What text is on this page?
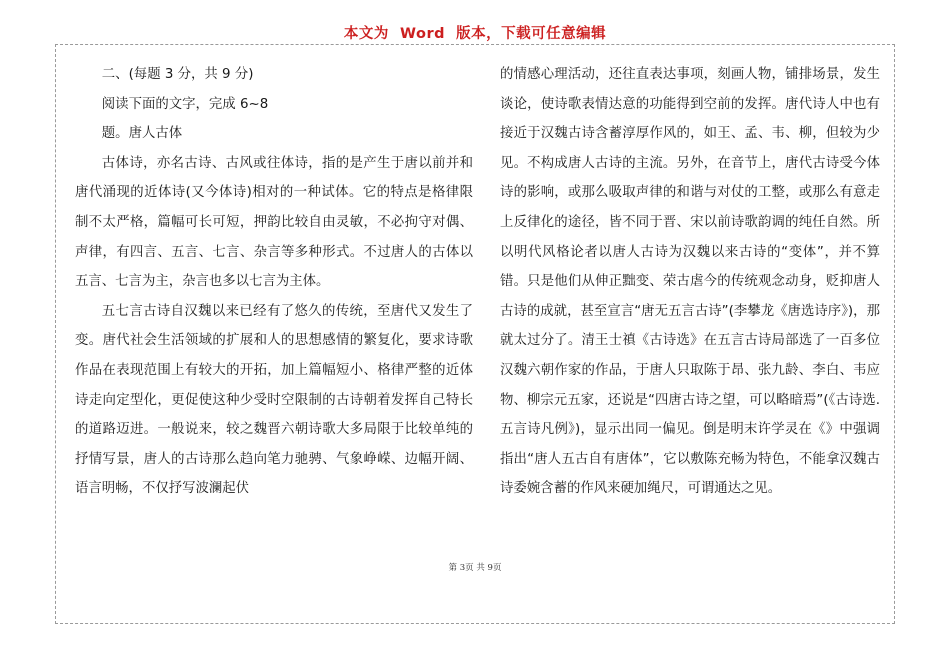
本文为  Word  版本，下载可任意编辑

二、(每题 3 分，共 9 分)

阅读下面的文字，完成 6~8

题。唐人古体

古体诗，亦名古诗、古风或往体诗，指的是产生于唐以前并和唐代涌现的近体诗(又今体诗)相对的一种试体。它的特点是格律限制不太严格，篇幅可长可短，押韵比较自由灵敏，不必拘守对偶、声律，有四言、五言、七言、杂言等多种形式。不过唐人的古体以五言、七言为主，杂言也多以七言为主体。

五七言古诗自汉魏以来已经有了悠久的传统，至唐代又发生了变。唐代社会生活领域的扩展和人的思想感情的繁复化，要求诗歌作品在表现范围上有较大的开拓，加上篇幅短小、格律严整的近体诗走向定型化，更促使这种少受时空限制的古诗朝着发挥自己特长的道路迈进。一般说来，较之魏晋六朝诗歌大多局限于比较单纯的抒情写景，唐人的古诗那么趋向笔力驰骋、气象峥嵘、边幅开阔、语言明畅，不仅抒写波澜起伏

的情感心理活动，还往直表达事项，刻画人物，铺排场景，发生谈论，使诗歌表情达意的功能得到空前的发挥。唐代诗人中也有接近于汉魏古诗含蓄淳厚作风的，如王、孟、韦、柳，但较为少见。不构成唐人古诗的主流。另外，在音节上，唐代古诗受今体诗的影响，或那么吸取声律的和谐与对仗的工整，或那么有意走上反律化的途径，皆不同于晋、宋以前诗歌韵调的纯任自然。所以明代风格论者以唐人古诗为汉魏以来古诗的“变体”，并不算错。只是他们从伸正黜变、荣古虐今的传统观念动身，贬抑唐人古诗的成就，甚至宣言“唐无五言古诗”(李攀龙《唐选诗序》)，那就太过分了。清王士禛《古诗选》在五言古诗局部选了一百多位汉魏六朝作家的作品，于唐人只取陈于昂、张九龄、李白、韦应物、柳宗元五家，还说是“四唐古诗之望，可以略暗焉”(《古诗选.五言诗凡例》)，显示出同一偏见。倒是明末许学灵在《》中强调指出“唐人五古自有唐体”，它以敷陈充畅为特色，不能拿汉魏古诗委婉含蓄的作风来硬加绳尺，可谓通达之见。

第 3页 共 9页
